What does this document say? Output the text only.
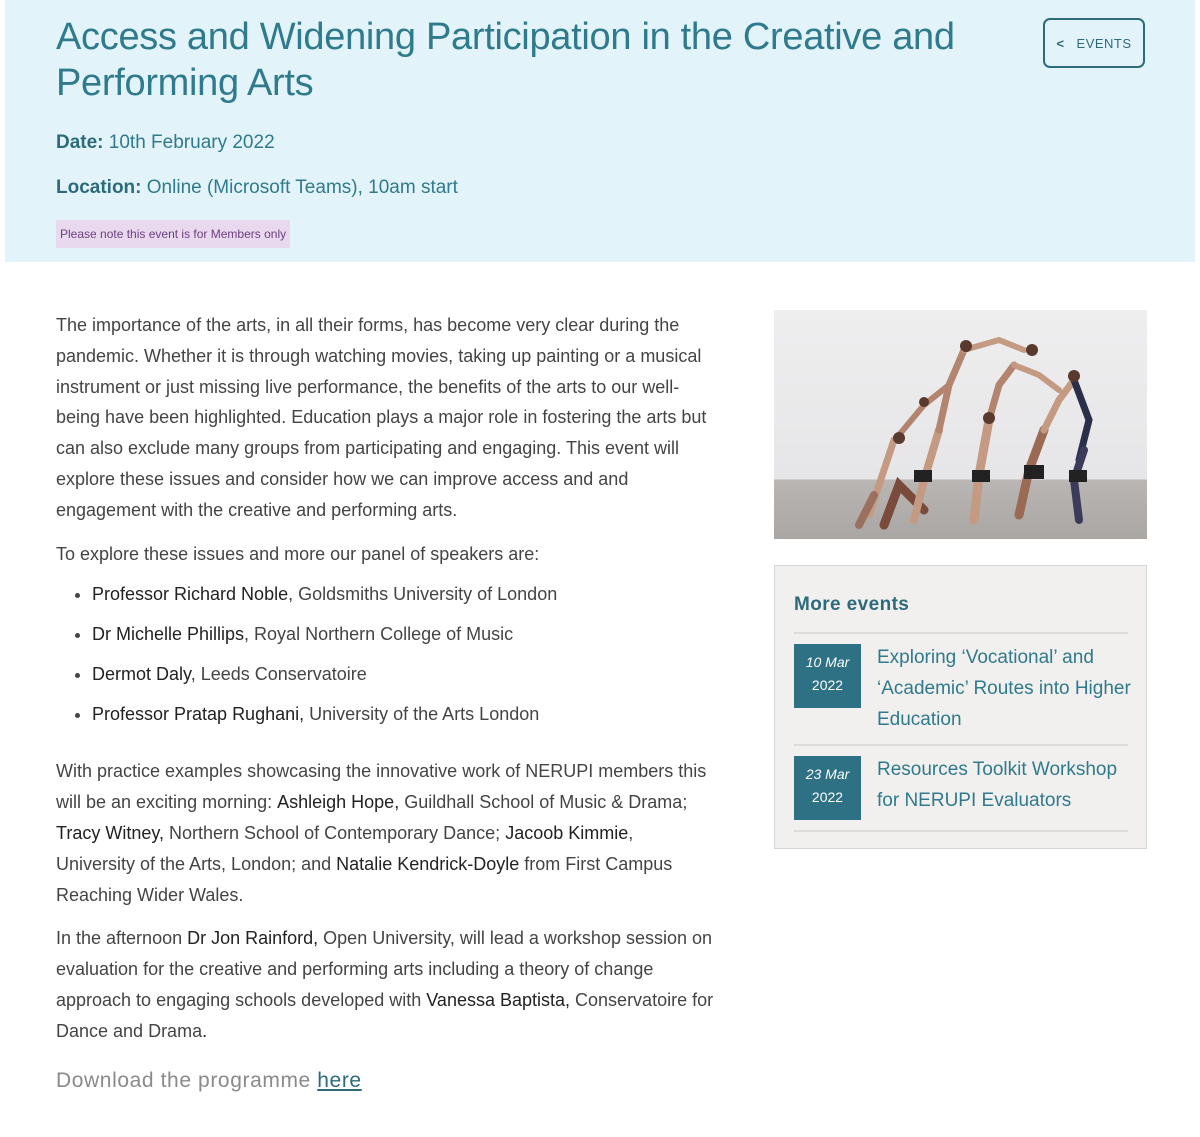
Access and Widening Participation in the Creative and Performing Arts
< EVENTS
Date: 10th February 2022
Location: Online (Microsoft Teams), 10am start
Please note this event is for Members only

The importance of the arts, in all their forms, has become very clear during the pandemic. Whether it is through watching movies, taking up painting or a musical instrument or just missing live performance, the benefits of the arts to our well-being have been highlighted. Education plays a major role in fostering the arts but can also exclude many groups from participating and engaging. This event will explore these issues and consider how we can improve access and and engagement with the creative and performing arts.

To explore these issues and more our panel of speakers are:

• Professor Richard Noble, Goldsmiths University of London
• Dr Michelle Phillips, Royal Northern College of Music
• Dermot Daly, Leeds Conservatoire
• Professor Pratap Rughani, University of the Arts London

With practice examples showcasing the innovative work of NERUPI members this will be an exciting morning: Ashleigh Hope, Guildhall School of Music & Drama; Tracy Witney, Northern School of Contemporary Dance; Jacoob Kimmie, University of the Arts, London; and Natalie Kendrick-Doyle from First Campus Reaching Wider Wales.

In the afternoon Dr Jon Rainford, Open University, will lead a workshop session on evaluation for the creative and performing arts including a theory of change approach to engaging schools developed with Vanessa Baptista, Conservatoire for Dance and Drama.

Download the programme here
More events
10 Mar
2022
Exploring ‘Vocational’ and ‘Academic’ Routes into Higher Education
23 Mar
2022
Resources Toolkit Workshop for NERUPI Evaluators
